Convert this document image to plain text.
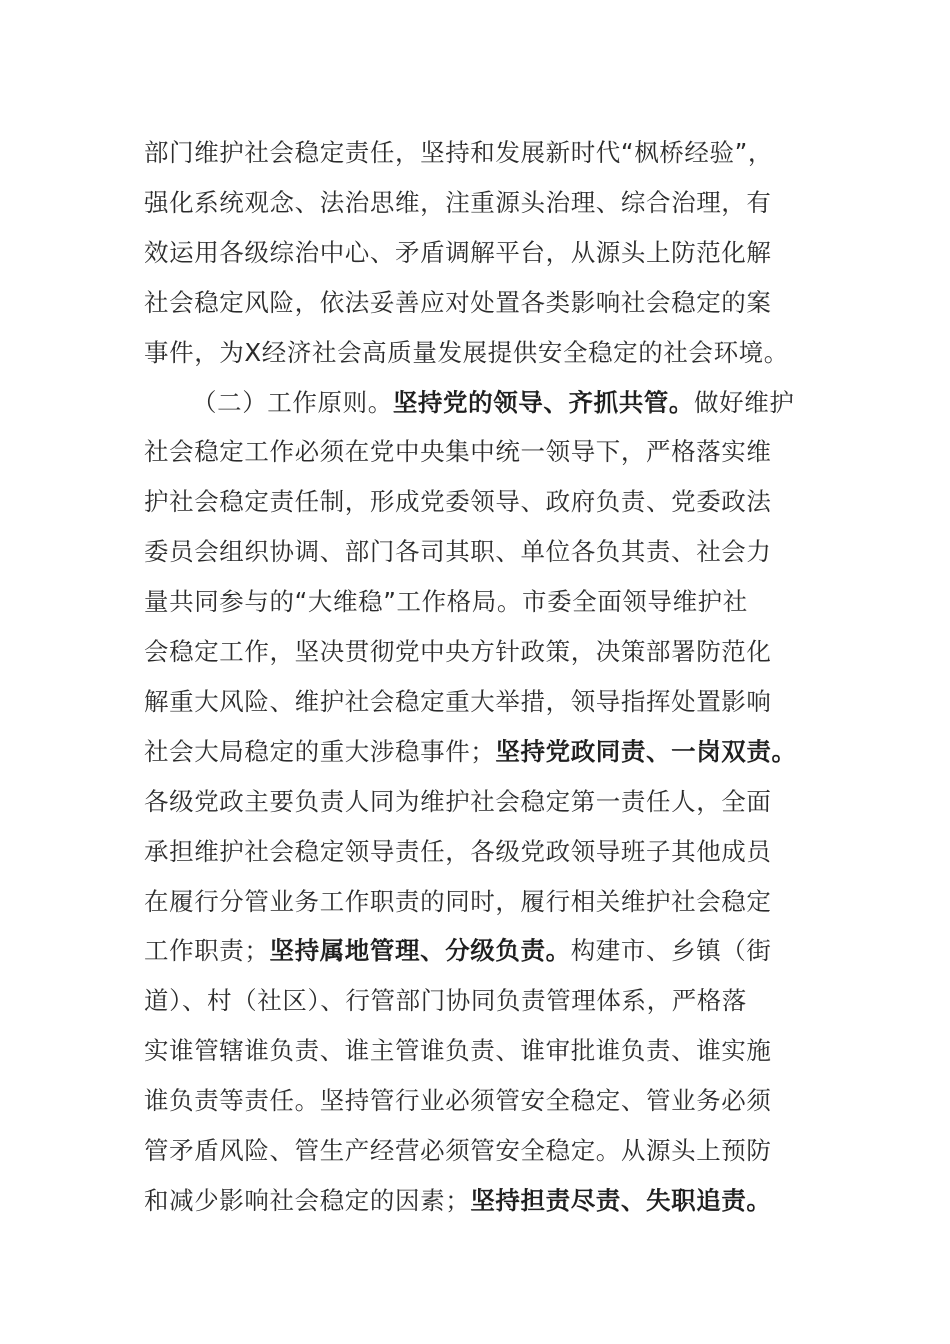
部门维护社会稳定责任，坚持和发展新时代“枫桥经验”，
强化系统观念、法治思维，注重源头治理、综合治理，有
效运用各级综治中心、矛盾调解平台，从源头上防范化解
社会稳定风险，依法妥善应对处置各类影响社会稳定的案
事件，为X经济社会高质量发展提供安全稳定的社会环境。
（二）工作原则。坚持党的领导、齐抓共管。做好维护
社会稳定工作必须在党中央集中统一领导下，严格落实维
护社会稳定责任制，形成党委领导、政府负责、党委政法
委员会组织协调、部门各司其职、单位各负其责、社会力
量共同参与的“大维稳”工作格局。市委全面领导维护社
会稳定工作，坚决贯彻党中央方针政策，决策部署防范化
解重大风险、维护社会稳定重大举措，领导指挥处置影响
社会大局稳定的重大涉稳事件；坚持党政同责、一岗双责。
各级党政主要负责人同为维护社会稳定第一责任人，全面
承担维护社会稳定领导责任，各级党政领导班子其他成员
在履行分管业务工作职责的同时，履行相关维护社会稳定
工作职责；坚持属地管理、分级负责。构建市、乡镇（街
道）、村（社区）、行管部门协同负责管理体系，严格落
实谁管辖谁负责、谁主管谁负责、谁审批谁负责、谁实施
谁负责等责任。坚持管行业必须管安全稳定、管业务必须
管矛盾风险、管生产经营必须管安全稳定。从源头上预防
和减少影响社会稳定的因素；坚持担责尽责、失职追责。
